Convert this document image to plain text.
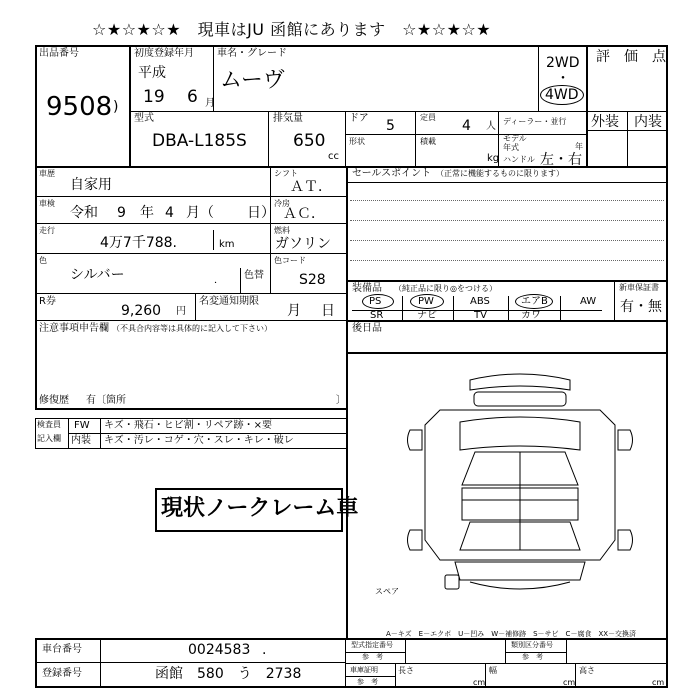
☆★☆★☆★　現車はJU 函館にあります　☆★☆★☆★
出品番号
9508 )
初度登録年月
平成
19 6 月
車名・グレード
ムーヴ
2WD
・
4WD
評　価　点
外装 内装
型式
DBA-L185S
排気量
650
cc
ドア 5
定員
4 人 ディーラー・並行
形状	積載
kg
モデル
年式	年
ハンドル 左・右
車歴
自家用
シフト
ＡＴ．
車検
令和 9 年 4 月（ 日）
冷房
ＡＣ．
走行
4万7千788.	km
燃料
ガソリン
色
シルバー	． 色替
色コード
S28
R券
9,260 円
名変通知期限
月 日
注意事項申告欄 （不具合内容等は具体的に記入して下さい）
修復歴 有〔箇所	〕
セールスポイント （正常に機能するものに限ります）
装備品 （純正品に限り◎をつける）	新車保証書
有・無
PS	PW	ABS	エアB	AW
SR	ナビ	TV	カワ
後日品
スペア
A－キズ　E－エクボ　U－凹み　W－補修跡　S－サビ　C－腐食　XX－交換済
検査員
記入欄
FW キズ・飛石・ヒビ割・リペア跡・×要
内装 キズ・汚レ・コゲ・穴・スレ・キレ・破レ
現状ノークレーム車
車台番号	0024583 .
登録番号	函館　580　う　2738
型式指定番号
参　考
類別区分番号
参　考
車庫証明
参　考
長さ
cm
幅
cm
高さ
cm
